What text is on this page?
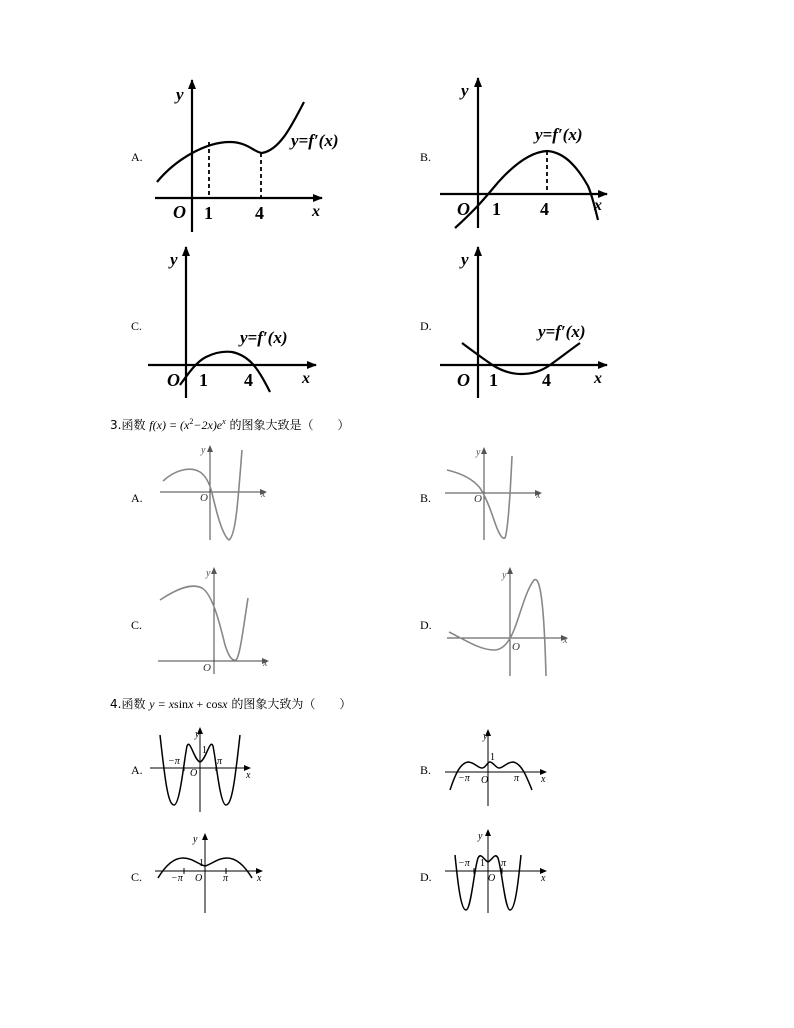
A.	B.
C.	D.
3.函数 $f(x) = (x^2-2x)e^x$ 的图象大致是（　　）
A.	B.
C.	D.
4.函数 y = xsinx + cosx 的图象大致为（　　）
A.	B.
C.	D.
y
x
O 1 4
y=f′(x)
y
x
O 1 4
y=f′(x)
y
x
O 1 4
y=f′(x)
y
x
O 1 4
y=f′(x)
y
x
O
y
x
O
y
x
O
y
x
O
y
x
O
1
−π	π
y
x
O
1
−π	π
y
x
O
1
−π	π
y
x
O
1
−π	π
